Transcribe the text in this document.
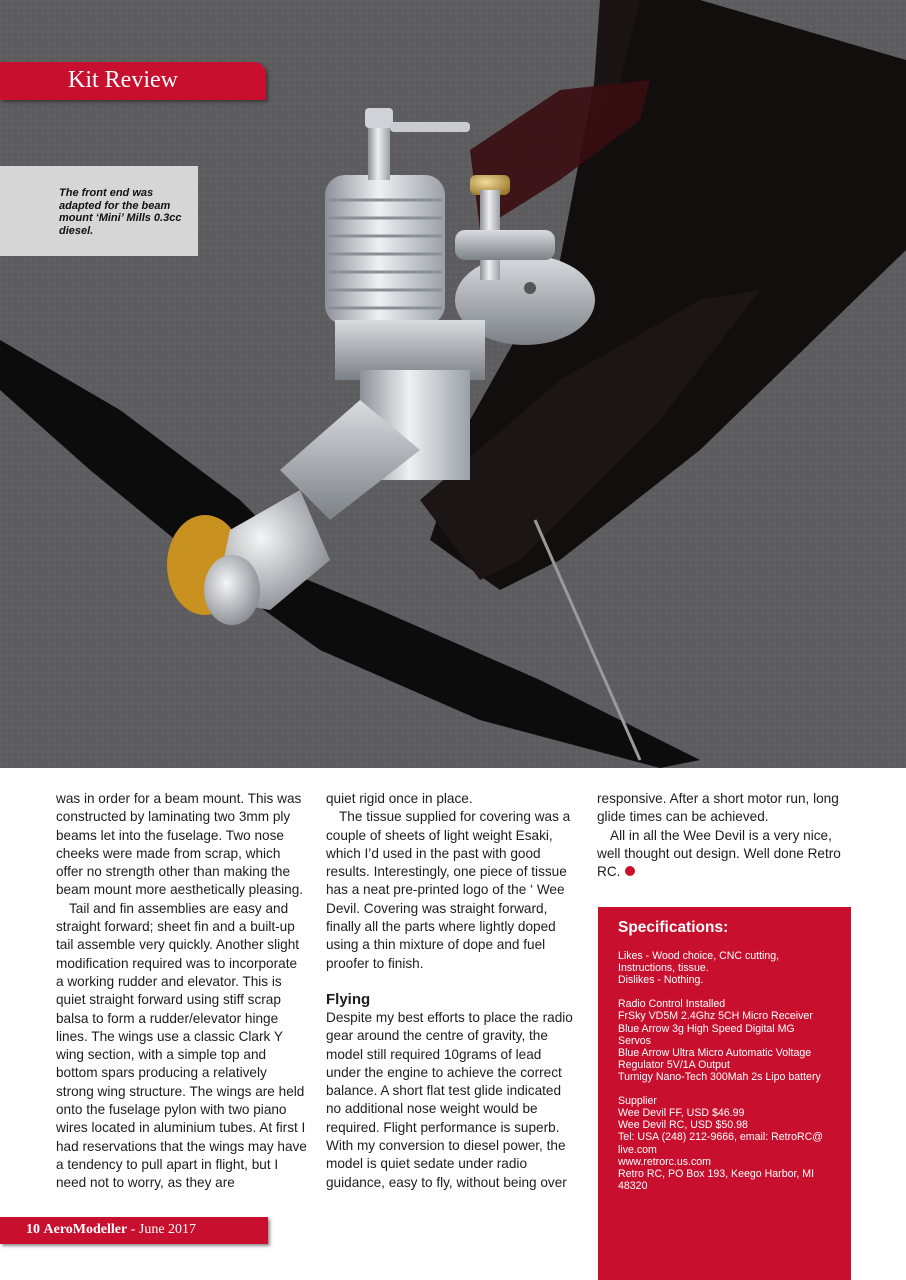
Kit Review

The front end was adapted for the beam mount ‘Mini’ Mills 0.3cc diesel.

was in order for a beam mount. This was constructed by laminating two 3mm ply beams let into the fuselage. Two nose cheeks were made from scrap, which offer no strength other than making the beam mount more aesthetically pleasing.

Tail and fin assemblies are easy and straight forward; sheet fin and a built-up tail assemble very quickly. Another slight modification required was to incorporate a working rudder and elevator. This is quiet straight forward using stiff scrap balsa to form a rudder/elevator hinge lines. The wings use a classic Clark Y wing section, with a simple top and bottom spars producing a relatively strong wing structure. The wings are held onto the fuselage pylon with two piano wires located in aluminium tubes. At first I had reservations that the wings may have a tendency to pull apart in flight, but I need not to worry, as they are

quiet rigid once in place.

The tissue supplied for covering was a couple of sheets of light weight Esaki, which I’d used in the past with good results. Interestingly, one piece of tissue has a neat pre-printed logo of the ‘ Wee Devil. Covering was straight forward, finally all the parts where lightly doped using a thin mixture of dope and fuel proofer to finish.

Flying

Despite my best efforts to place the radio gear around the centre of gravity, the model still required 10grams of lead under the engine to achieve the correct balance. A short flat test glide indicated no additional nose weight would be required. Flight performance is superb. With my conversion to diesel power, the model is quiet sedate under radio guidance, easy to fly, without being over

responsive. After a short motor run, long glide times can be achieved.

All in all the Wee Devil is a very nice, well thought out design. Well done Retro RC.

Specifications:
Likes - Wood choice, CNC cutting,
Instructions, tissue.
Dislikes - Nothing.
Radio Control Installed
FrSky VD5M 2.4Ghz 5CH Micro Receiver
Blue Arrow 3g High Speed Digital MG
Servos
Blue Arrow Ultra Micro Automatic Voltage
Regulator 5V/1A Output
Turnigy Nano-Tech 300Mah 2s Lipo battery
Supplier
Wee Devil FF, USD $46.99
Wee Devil RC, USD $50.98
Tel: USA (248) 212-9666, email: RetroRC@
live.com
www.retrorc.us.com
Retro RC, PO Box 193, Keego Harbor, MI
48320
10 AeroModeller - June 2017
